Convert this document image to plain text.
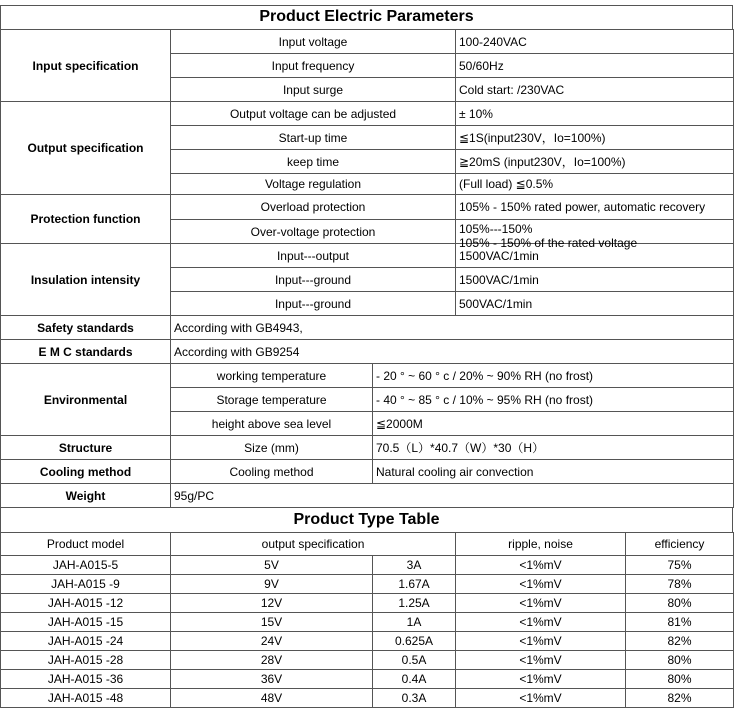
Product Electric Parameters
Input specification	Input voltage		100-240VAC
	Input frequency		50/60Hz
	Input surge		Cold start: /230VAC
Output specification	Output voltage can be adjusted		± 10%
	Start-up time		≦1S(input230V，Io=100%)
	keep time		≧20mS (input230V，Io=100%)
	Voltage regulation		(Full load) ≦0.5%
Protection function	Overload protection		105% - 150% rated power, automatic recovery
	Over-voltage protection		105%---150%
105% - 150% of the rated voltage

Insulation intensity	Input---output		1500VAC/1min
	Input---ground		1500VAC/1min
	Input---ground		500VAC/1min
Safety standards	According with GB4943,		
E M C standards	According with GB9254		
Environmental	working temperature	- 20 ° ~ 60 ° c / 20% ~ 90% RH (no frost)	
	Storage temperature	- 40 ° ~ 85 ° c / 10% ~ 95% RH (no frost)	
	height above sea level	≦2000M	
Structure	Size (mm)	70.5（L）*40.7（W）*30（H）	
Cooling method	Cooling method	Natural cooling air convection	
Weight	95g/PC		
Product Type Table
Product model	output specification		ripple, noise	efficiency
JAH-A015-5	5V	3A	<1%mV	75%
JAH-A015 -9	9V	1.67A	<1%mV	78%
JAH-A015 -12	12V	1.25A	<1%mV	80%
JAH-A015 -15	15V	1A	<1%mV	81%
JAH-A015 -24	24V	0.625A	<1%mV	82%
JAH-A015 -28	28V	0.5A	<1%mV	80%
JAH-A015 -36	36V	0.4A	<1%mV	80%
JAH-A015 -48	48V	0.3A	<1%mV	82%
